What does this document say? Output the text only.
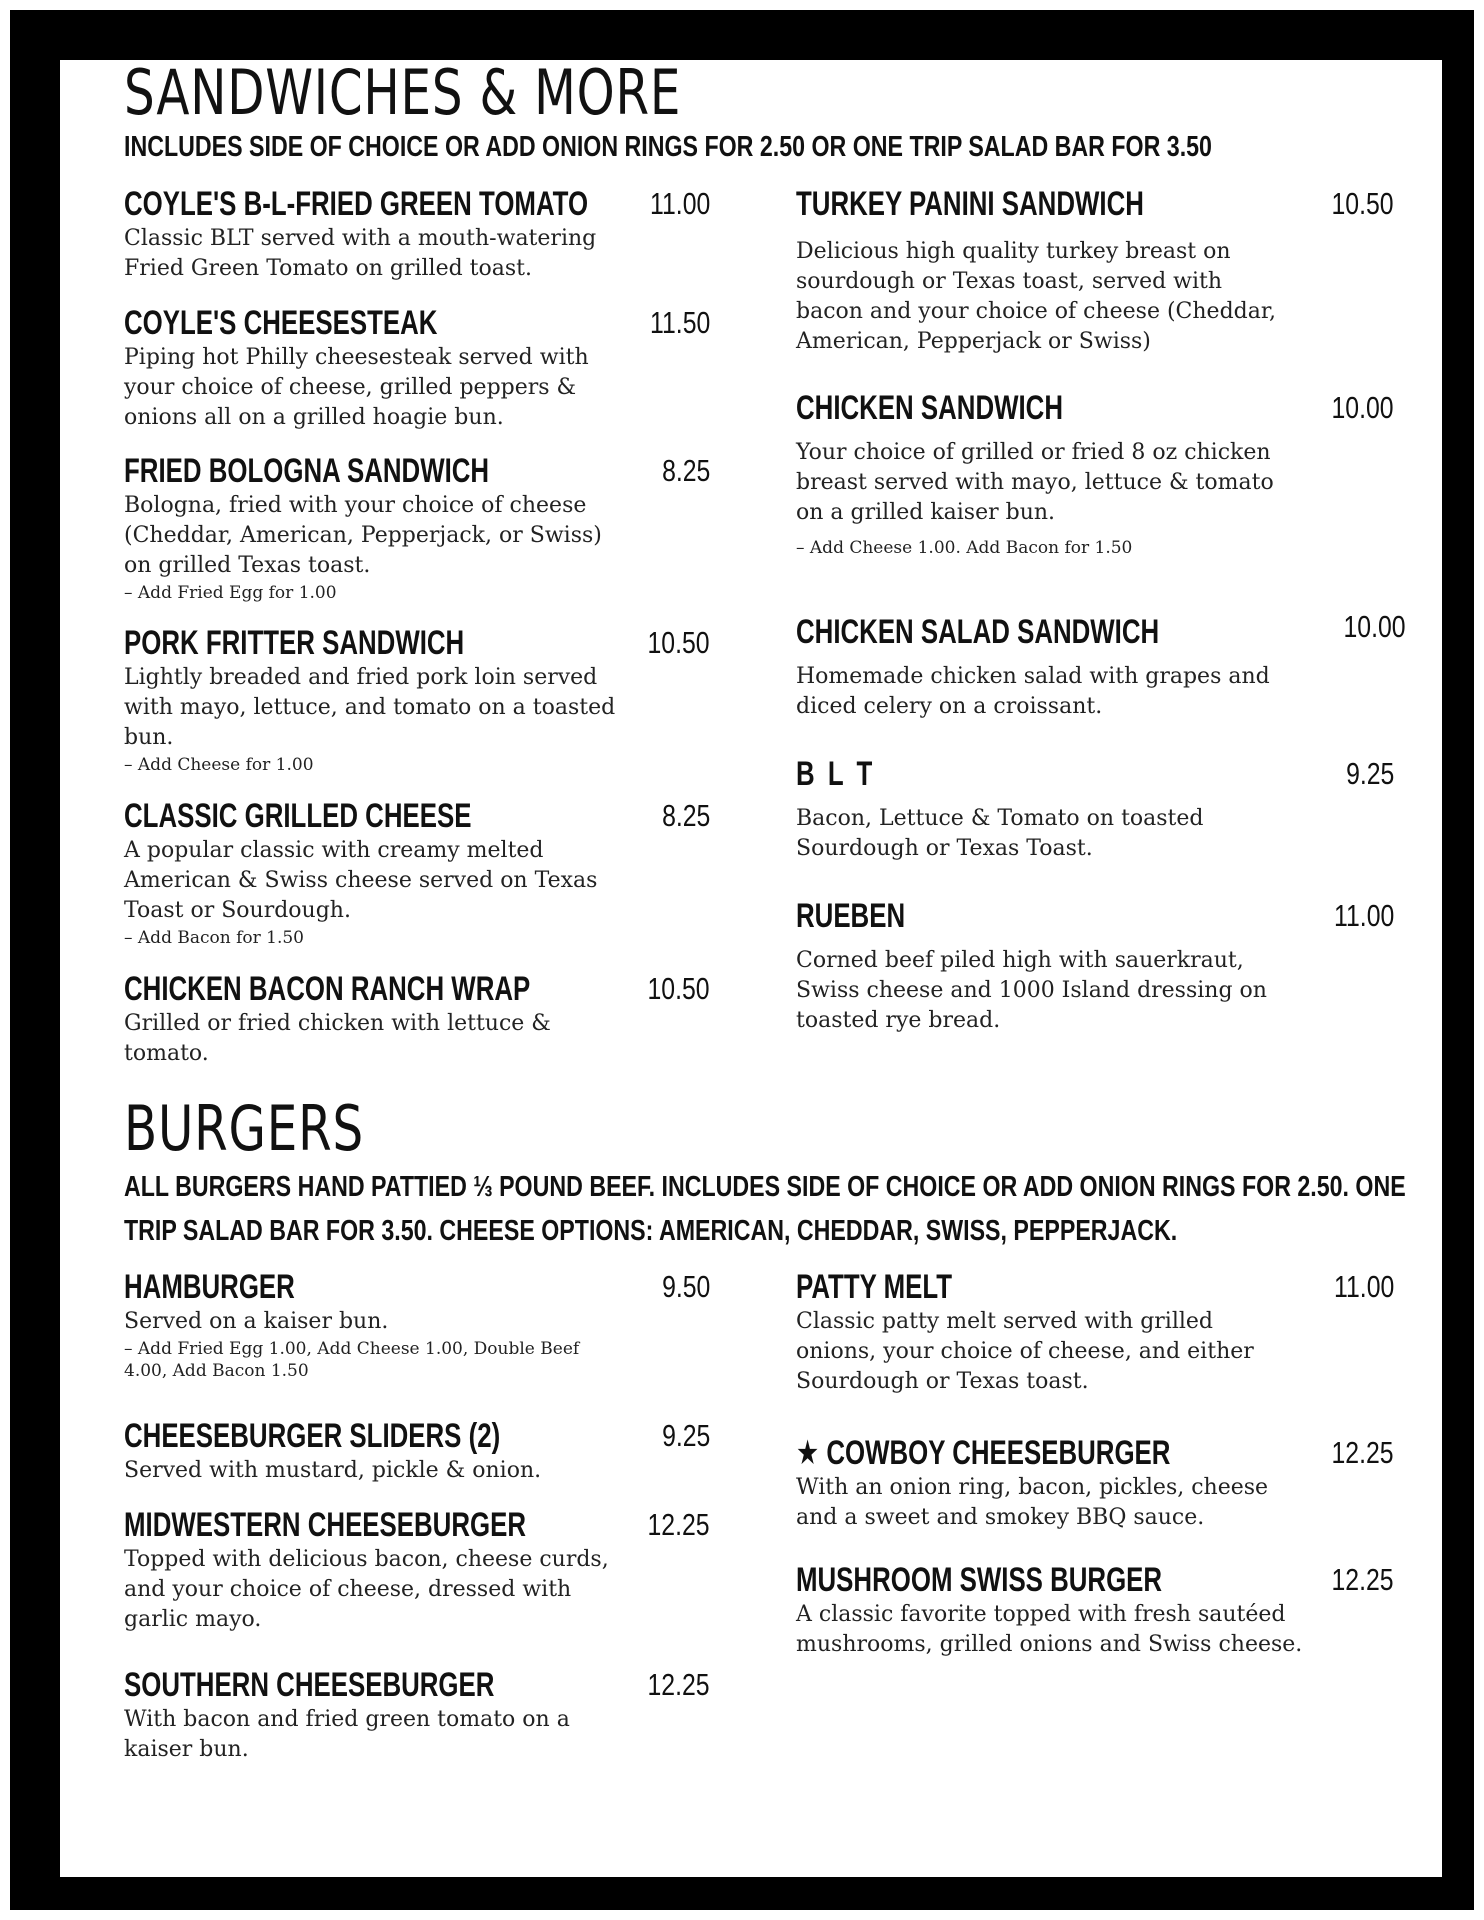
SANDWICHES & MORE
INCLUDES SIDE OF CHOICE OR ADD ONION RINGS FOR 2.50 OR ONE TRIP SALAD BAR FOR 3.50
COYLE'S B-L-FRIED GREEN TOMATO 11.00

Classic BLT served with a mouth-watering Fried Green Tomato on grilled toast.

COYLE'S CHEESESTEAK	11.50

Piping hot Philly cheesesteak served with your choice of cheese, grilled peppers & onions all on a grilled hoagie bun.

FRIED BOLOGNA SANDWICH	8.25

Bologna, fried with your choice of cheese (Cheddar, American, Pepperjack, or Swiss) on grilled Texas toast.

– Add Fried Egg for 1.00

PORK FRITTER SANDWICH	10.50

Lightly breaded and fried pork loin served with mayo, lettuce, and tomato on a toasted bun.

– Add Cheese for 1.00

CLASSIC GRILLED CHEESE	8.25

A popular classic with creamy melted American & Swiss cheese served on Texas Toast or Sourdough.

– Add Bacon for 1.50

CHICKEN BACON RANCH WRAP	10.50

Grilled or fried chicken with lettuce & tomato.

TURKEY PANINI SANDWICH	10.50

Delicious high quality turkey breast on sourdough or Texas toast, served with bacon and your choice of cheese (Cheddar, American, Pepperjack or Swiss)

CHICKEN SANDWICH	10.00

Your choice of grilled or fried 8 oz chicken breast served with mayo, lettuce & tomato on a grilled kaiser bun.

– Add Cheese 1.00. Add Bacon for 1.50

CHICKEN SALAD SANDWICH	10.00

Homemade chicken salad with grapes and diced celery on a croissant.

B L T	9.25

Bacon, Lettuce & Tomato on toasted Sourdough or Texas Toast.

RUEBEN	11.00

Corned beef piled high with sauerkraut, Swiss cheese and 1000 Island dressing on toasted rye bread.

BURGERS
ALL BURGERS HAND PATTIED ⅓ POUND BEEF. INCLUDES SIDE OF CHOICE OR ADD ONION RINGS FOR 2.50. ONE
TRIP SALAD BAR FOR 3.50. CHEESE OPTIONS: AMERICAN, CHEDDAR, SWISS, PEPPERJACK.
HAMBURGER	9.50

Served on a kaiser bun.

– Add Fried Egg 1.00, Add Cheese 1.00, Double Beef 4.00, Add Bacon 1.50

CHEESEBURGER SLIDERS (2)	9.25

Served with mustard, pickle & onion.

MIDWESTERN CHEESEBURGER	12.25

Topped with delicious bacon, cheese curds, and your choice of cheese, dressed with garlic mayo.

SOUTHERN CHEESEBURGER	12.25

With bacon and fried green tomato on a kaiser bun.

PATTY MELT	11.00

Classic patty melt served with grilled onions, your choice of cheese, and either Sourdough or Texas toast.

★ COWBOY CHEESEBURGER	12.25

With an onion ring, bacon, pickles, cheese and a sweet and smokey BBQ sauce.

MUSHROOM SWISS BURGER	12.25

A classic favorite topped with fresh sautéed mushrooms, grilled onions and Swiss cheese.
